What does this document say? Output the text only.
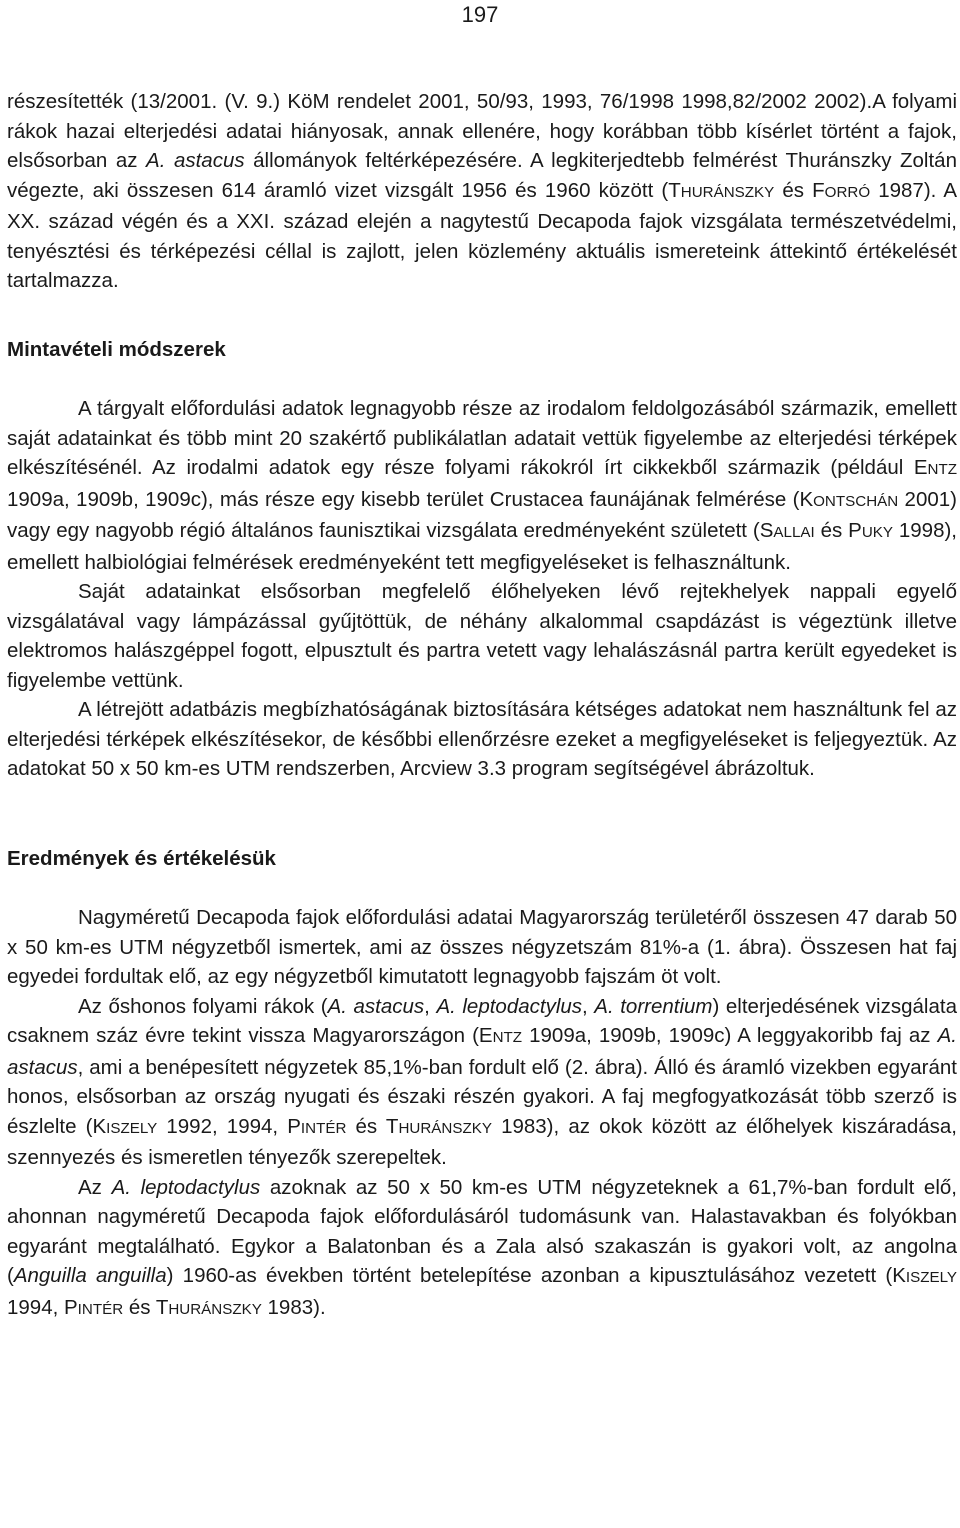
197

részesítették (13/2001. (V. 9.) KöM rendelet 2001, 50/93, 1993, 76/1998 1998,82/2002 2002).A folyami rákok hazai elterjedési adatai hiányosak, annak ellenére, hogy korábban több kísérlet történt a fajok, elsősorban az A. astacus állományok feltérképezésére. A legkiterjedtebb felmérést Thuránszky Zoltán végezte, aki összesen 614 áramló vizet vizsgált 1956 és 1960 között (THURÁNSZKY és FORRÓ 1987). A XX. század végén és a XXI. század elején a nagytestű Decapoda fajok vizsgálata természetvédelmi, tenyésztési és térképezési céllal is zajlott, jelen közlemény aktuális ismereteink áttekintő értékelését tartalmazza.

Mintavételi módszerek

A tárgyalt előfordulási adatok legnagyobb része az irodalom feldolgozásából származik, emellett saját adatainkat és több mint 20 szakértő publikálatlan adatait vettük figyelembe az elterjedési térképek elkészítésénél. Az irodalmi adatok egy része folyami rákokról írt cikkekből származik (például ENTZ 1909a, 1909b, 1909c), más része egy kisebb terület Crustacea faunájának felmérése (KONTSCHÁN 2001) vagy egy nagyobb régió általános faunisztikai vizsgálata eredményeként született (SALLAI és PUKY 1998), emellett halbiológiai felmérések eredményeként tett megfigyeléseket is felhasználtunk.

Saját adatainkat elsősorban megfelelő élőhelyeken lévő rejtekhelyek nappali egyelő vizsgálatával vagy lámpázással gyűjtöttük, de néhány alkalommal csapdázást is végeztünk illetve elektromos halászgéppel fogott, elpusztult és partra vetett vagy lehalászásnál partra került egyedeket is figyelembe vettünk.

A létrejött adatbázis megbízhatóságának biztosítására kétséges adatokat nem használtunk fel az elterjedési térképek elkészítésekor, de későbbi ellenőrzésre ezeket a megfigyeléseket is feljegyeztük. Az adatokat 50 x 50 km-es UTM rendszerben, Arcview 3.3 program segítségével ábrázoltuk.

Eredmények és értékelésük

Nagyméretű Decapoda fajok előfordulási adatai Magyarország területéről összesen 47 darab 50 x 50 km-es UTM négyzetből ismertek, ami az összes négyzetszám 81%-a (1. ábra). Összesen hat faj egyedei fordultak elő, az egy négyzetből kimutatott legnagyobb fajszám öt volt.

Az őshonos folyami rákok (A. astacus, A. leptodactylus, A. torrentium) elterjedésének vizsgálata csaknem száz évre tekint vissza Magyarországon (ENTZ 1909a, 1909b, 1909c) A leggyakoribb faj az A. astacus, ami a benépesített négyzetek 85,1%-ban fordult elő (2. ábra). Álló és áramló vizekben egyaránt honos, elsősorban az ország nyugati és északi részén gyakori. A faj megfogyatkozását több szerző is észlelte (KISZELY 1992, 1994, PINTÉR és THURÁNSZKY 1983), az okok között az élőhelyek kiszáradása, szennyezés és ismeretlen tényezők szerepeltek.

Az A. leptodactylus azoknak az 50 x 50 km-es UTM négyzeteknek a 61,7%-ban fordult elő, ahonnan nagyméretű Decapoda fajok előfordulásáról tudomásunk van. Halastavakban és folyókban egyaránt megtalálható. Egykor a Balatonban és a Zala alsó szakaszán is gyakori volt, az angolna (Anguilla anguilla) 1960-as években történt betelepítése azonban a kipusztulásához vezetett (KISZELY 1994, PINTÉR és THURÁNSZKY 1983).
